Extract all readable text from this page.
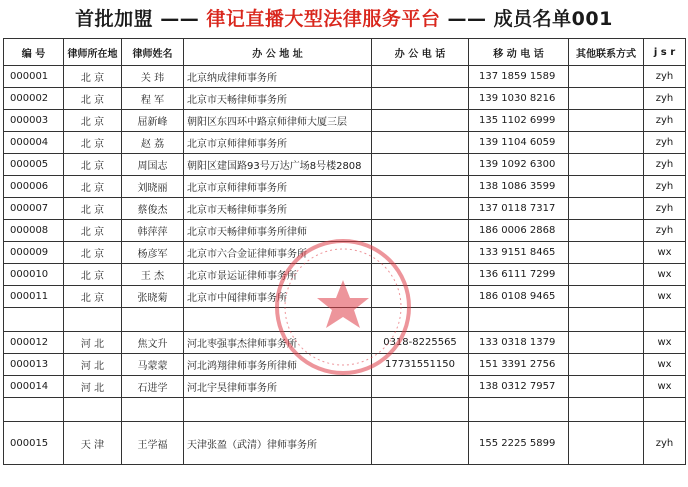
首批加盟 —— 律记直播大型法律服务平台 —— 成员名单001
编 号	律师所在地	律师姓名	办 公 地 址	办 公 电 话	移 动 电 话	其他联系方式	j s r
000001	北 京	关 玮	北京纳成律师事务所		137 1859 1589		zyh
000002	北 京	程 军	北京市天畅律师事务所		139 1030 8216		zyh
000003	北 京	屈新峰	朝阳区东四环中路京师律师大厦三层		135 1102 6999		zyh
000004	北 京	赵 荔	北京市京师律师事务所		139 1104 6059		zyh
000005	北 京	周国志	朝阳区建国路93号万达广场8号楼2808		139 1092 6300		zyh
000006	北 京	刘晓丽	北京市京师律师事务所		138 1086 3599		zyh
000007	北 京	蔡俊杰	北京市天畅律师事务所		137 0118 7317		zyh
000008	北 京	韩萍萍	北京市天畅律师事务所律师		186 0006 2868		zyh
000009	北 京	杨彦军	北京市六合金证律师事务所		133 9151 8465		wx
000010	北 京	王 杰	北京市景运证律师事务所		136 6111 7299		wx
000011	北 京	张晓菊	北京市中闻律师事务所		186 0108 9465		wx

000012	河 北	焦文升	河北枣强事杰律师事务所	0318-8225565	133 0318 1379		wx
000013	河 北	马蒙蒙	河北鸿翔律师事务所律师	17731551150	151 3391 2756		wx
000014	河 北	石进学	河北宇昊律师事务所		138 0312 7957		wx

000015	天 津	王学福	天津张盈（武清）律师事务所		155 2225 5899		zyh
